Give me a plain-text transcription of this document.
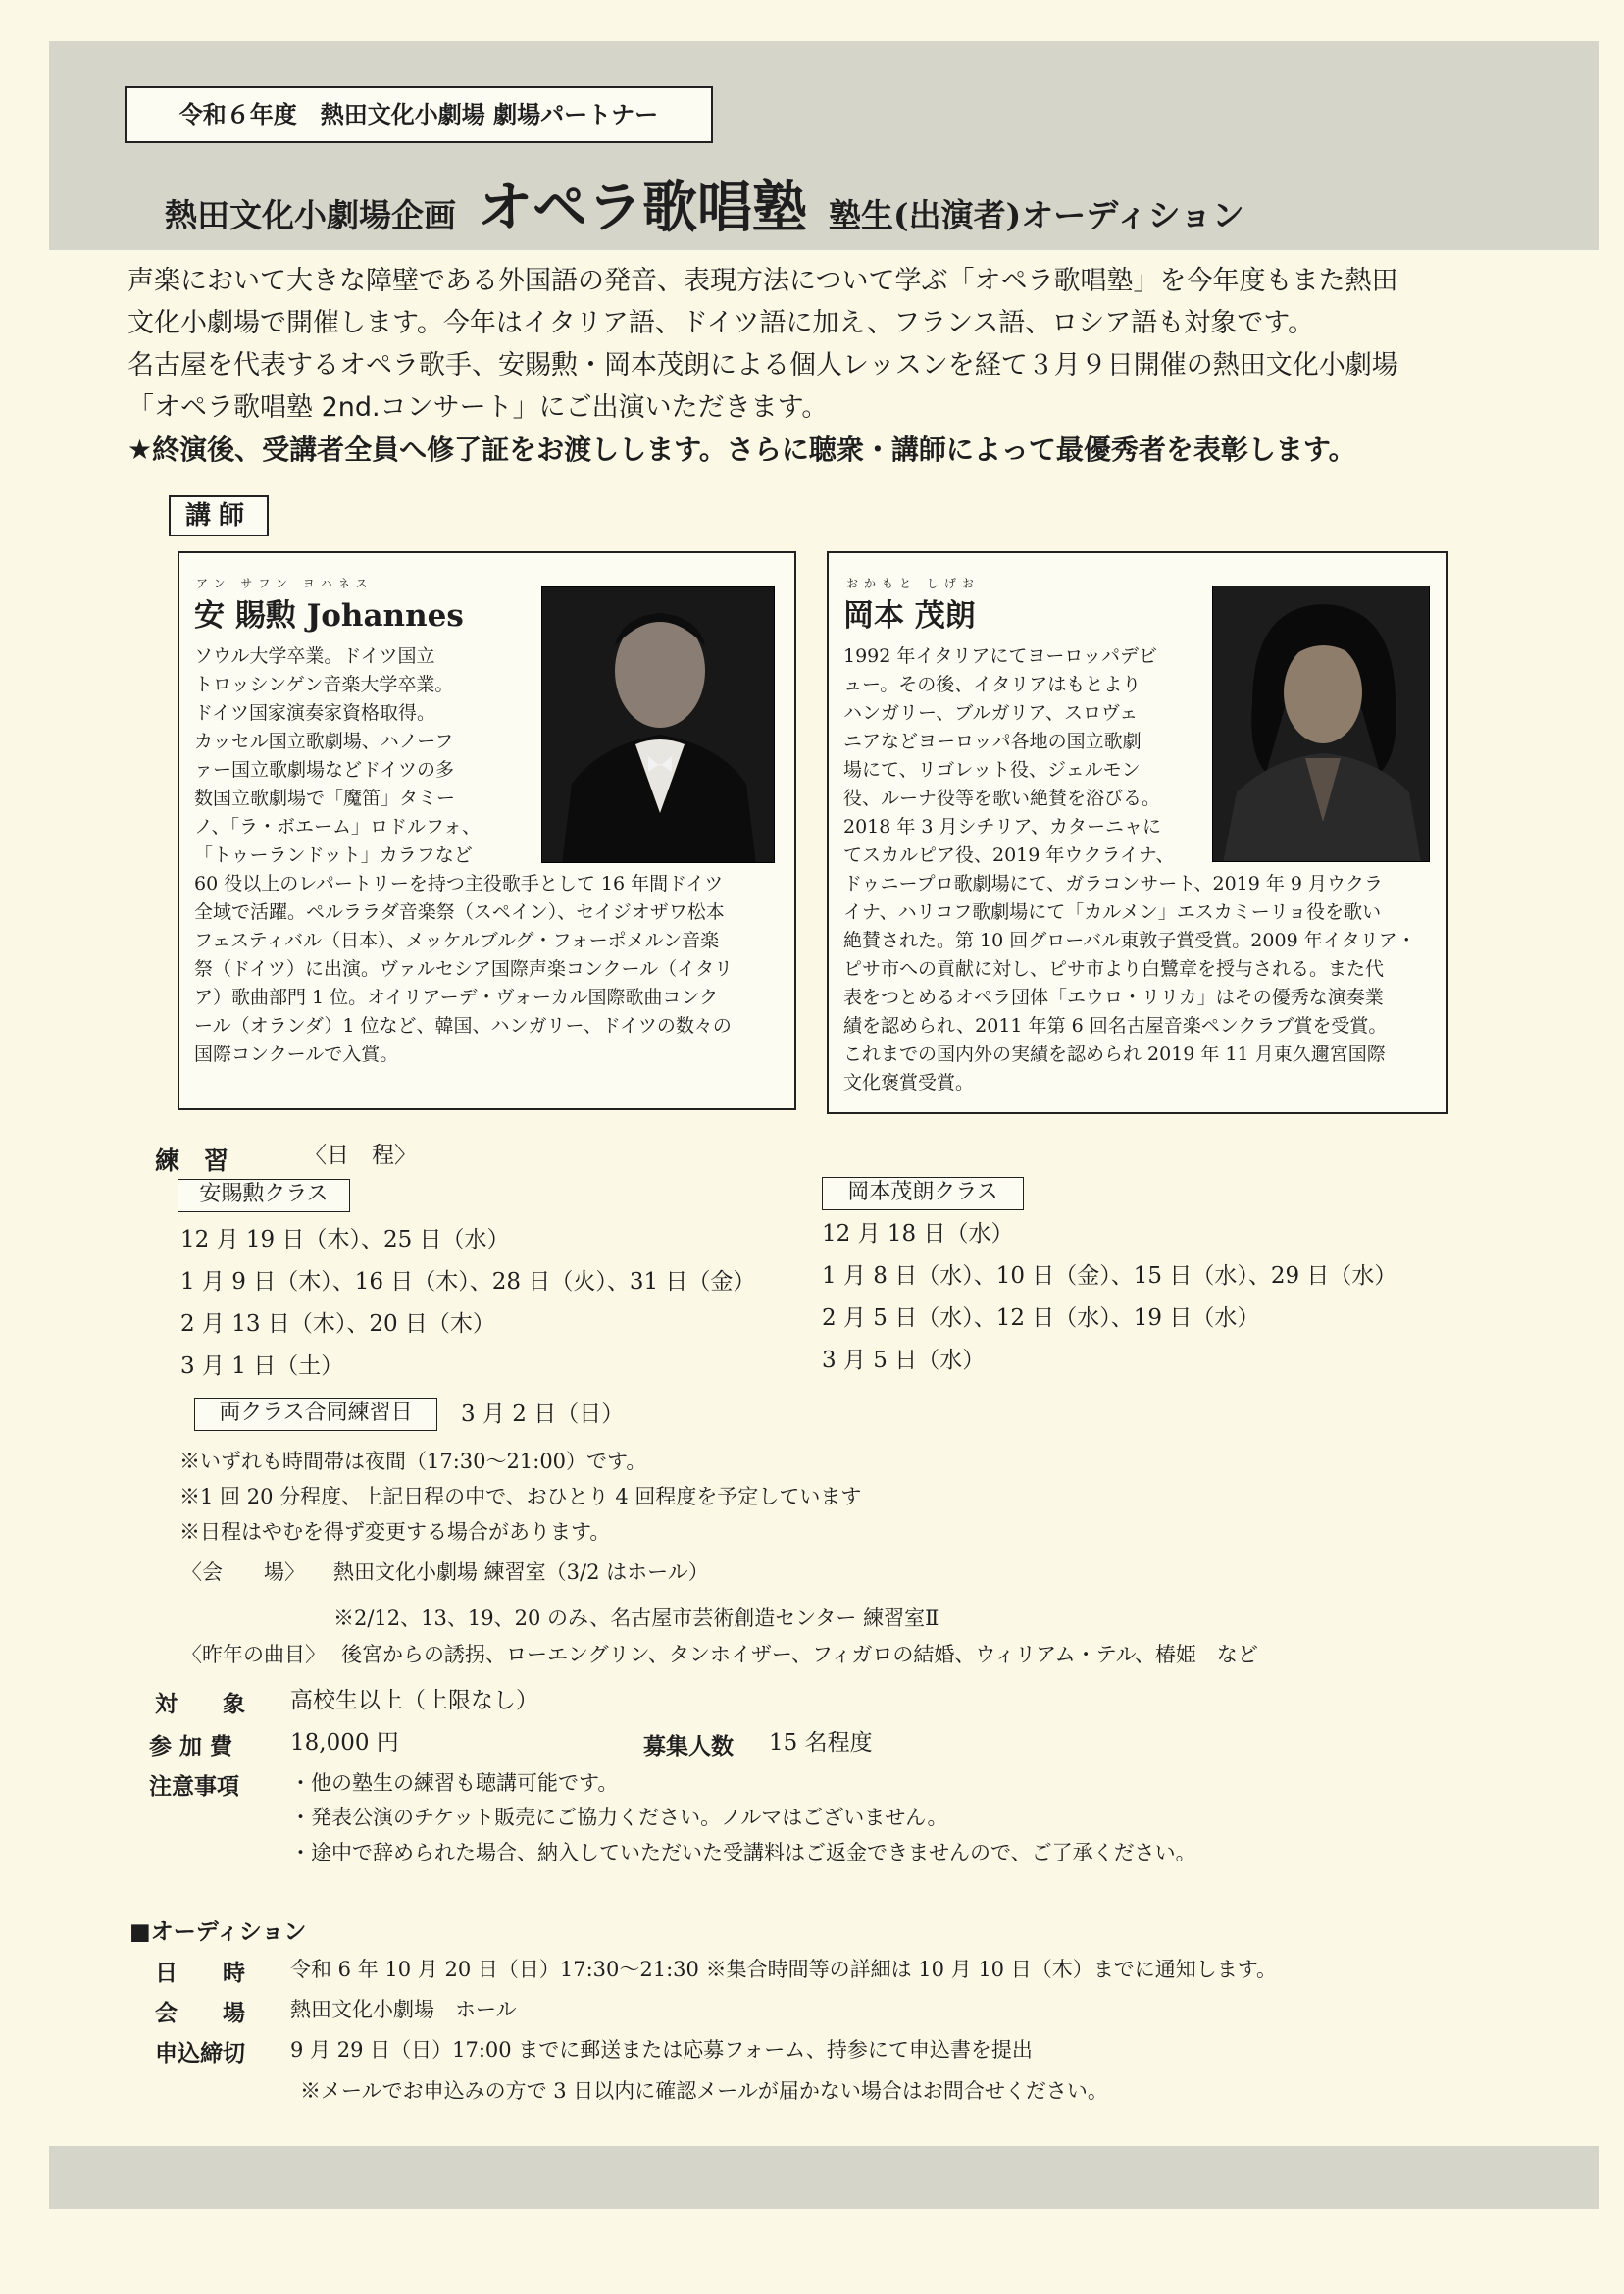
令和６年度　熱田文化小劇場 劇場パートナー
熱田文化小劇場企画 オペラ歌唱塾 塾生(出演者)オーディション
声楽において大きな障壁である外国語の発音、表現方法について学ぶ「オペラ歌唱塾」を今年度もまた熱田
文化小劇場で開催します。今年はイタリア語、ドイツ語に加え、フランス語、ロシア語も対象です。
名古屋を代表するオペラ歌手、安賜勲・岡本茂朗による個人レッスンを経て３月９日開催の熱田文化小劇場
「オペラ歌唱塾 2nd.コンサート」にご出演いただきます。
★終演後、受講者全員へ修了証をお渡しします。さらに聴衆・講師によって最優秀者を表彰します。
講師
アン サフン ヨハネス
安 賜勲 Johannes
ソウル大学卒業。ドイツ国立
トロッシンゲン音楽大学卒業。
ドイツ国家演奏家資格取得。
カッセル国立歌劇場、ハノーフ
ァー国立歌劇場などドイツの多
数国立歌劇場で「魔笛」タミー
ノ、「ラ・ボエーム」ロドルフォ、
「トゥーランドット」カラフなど
60 役以上のレパートリーを持つ主役歌手として 16 年間ドイツ
全域で活躍。ペルララダ音楽祭（スペイン）、セイジオザワ松本
フェスティバル（日本）、メッケルブルグ・フォーポメルン音楽
祭（ドイツ）に出演。ヴァルセシア国際声楽コンクール（イタリ
ア）歌曲部門 1 位。オイリアーデ・ヴォーカル国際歌曲コンク
ール（オランダ）1 位など、韓国、ハンガリー、ドイツの数々の
国際コンクールで入賞。
おかもと しげお
岡本 茂朗
1992 年イタリアにてヨーロッパデビ
ュー。その後、イタリアはもとより
ハンガリー、ブルガリア、スロヴェ
ニアなどヨーロッパ各地の国立歌劇
場にて、リゴレット役、ジェルモン
役、ルーナ役等を歌い絶賛を浴びる。
2018 年 3 月シチリア、カターニャに
てスカルピア役、2019 年ウクライナ、
ドゥニープロ歌劇場にて、ガラコンサート、2019 年 9 月ウクラ
イナ、ハリコフ歌劇場にて「カルメン」エスカミーリョ役を歌い
絶賛された。第 10 回グローバル東敦子賞受賞。2009 年イタリア・
ピサ市への貢献に対し、ピサ市より白鷺章を授与される。また代
表をつとめるオペラ団体「エウロ・リリカ」はその優秀な演奏業
績を認められ、2011 年第 6 回名古屋音楽ペンクラブ賞を受賞。
これまでの国内外の実績を認められ 2019 年 11 月東久邇宮国際
文化褒賞受賞。
練　習	〈日　程〉
安賜勲クラス
12 月 19 日（木）、25 日（水）
1 月 9 日（木）、16 日（木）、28 日（火）、31 日（金）
2 月 13 日（木）、20 日（木）
3 月 1 日（土）
岡本茂朗クラス
12 月 18 日（水）
1 月 8 日（水）、10 日（金）、15 日（水）、29 日（水）
2 月 5 日（水）、12 日（水）、19 日（水）
3 月 5 日（水）
両クラス合同練習日	3 月 2 日（日）
※いずれも時間帯は夜間（17:30〜21:00）です。
※1 回 20 分程度、上記日程の中で、おひとり 4 回程度を予定しています
※日程はやむを得ず変更する場合があります。
〈会　　場〉 熱田文化小劇場 練習室（3/2 はホール）
※2/12、13、19、20 のみ、名古屋市芸術創造センター 練習室Ⅱ
〈昨年の曲目〉 後宮からの誘拐、ローエングリン、タンホイザー、フィガロの結婚、ウィリアム・テル、椿姫　など
対　　象 高校生以上（上限なし）
参 加 費	18,000 円	募集人数 15 名程度
注意事項 ・他の塾生の練習も聴講可能です。
・発表公演のチケット販売にご協力ください。ノルマはございません。
・途中で辞められた場合、納入していただいた受講料はご返金できませんので、ご了承ください。
■オーディション
日　　時 令和 6 年 10 月 20 日（日）17:30〜21:30 ※集合時間等の詳細は 10 月 10 日（木）までに通知します。
会　　場 熱田文化小劇場　ホール
申込締切 9 月 29 日（日）17:00 までに郵送または応募フォーム、持参にて申込書を提出
※メールでお申込みの方で 3 日以内に確認メールが届かない場合はお問合せください。
